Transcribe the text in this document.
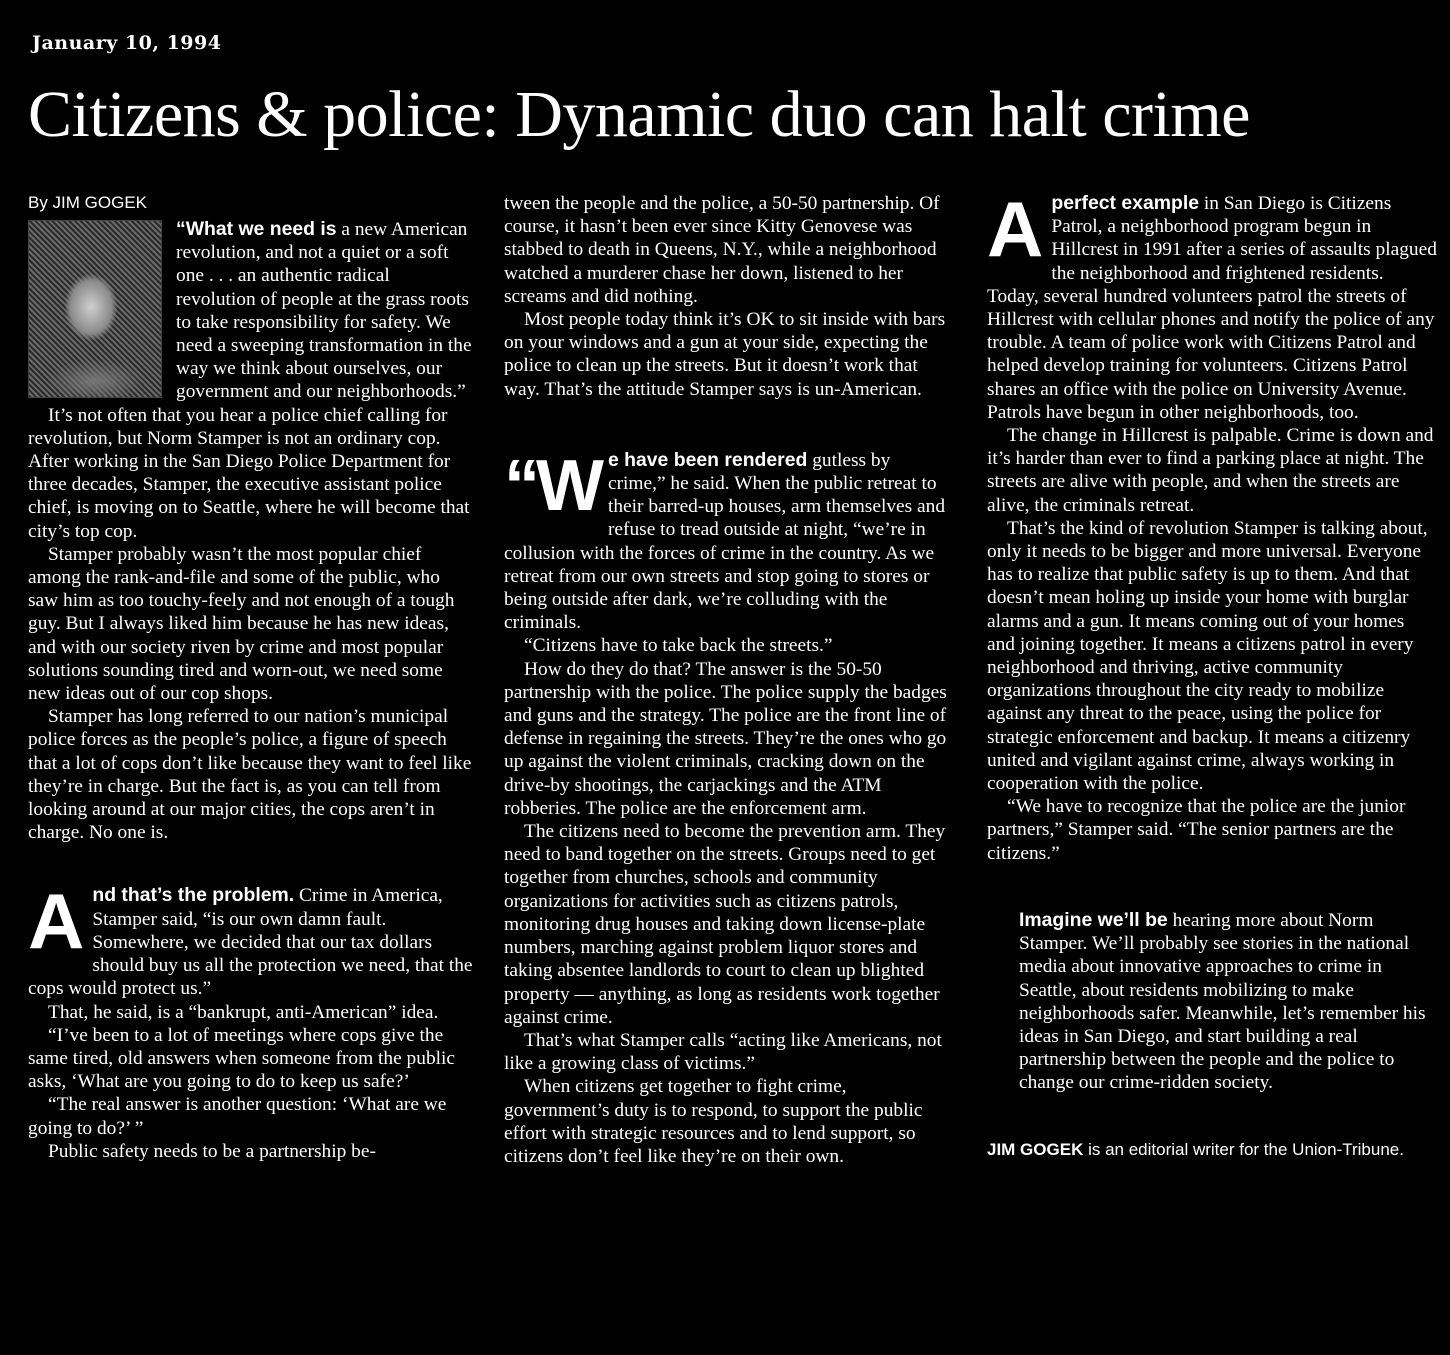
January 10, 1994
Citizens & police: Dynamic duo can halt crime
By JIM GOGEK

“What we need is a new American revolution, and not a quiet or a soft one . . . an authentic radical revolution of people at the grass roots to take responsibility for safety. We need a sweeping transformation in the way we think about ourselves, our government and our neighborhoods.”

It’s not often that you hear a police chief calling for revolution, but Norm Stamper is not an ordinary cop. After working in the San Diego Police Department for three decades, Stamper, the executive assistant police chief, is moving on to Seattle, where he will become that city’s top cop.

Stamper probably wasn’t the most popular chief among the rank-and-file and some of the public, who saw him as too touchy-feely and not enough of a tough guy. But I always liked him because he has new ideas, and with our society riven by crime and most popular solutions sounding tired and worn-out, we need some new ideas out of our cop shops.

Stamper has long referred to our nation’s municipal police forces as the people’s police, a figure of speech that a lot of cops don’t like because they want to feel like they’re in charge. But the fact is, as you can tell from looking around at our major cities, the cops aren’t in charge. No one is.

And that’s the problem. Crime in America, Stamper said, “is our own damn fault. Somewhere, we decided that our tax dollars should buy us all the protection we need, that the cops would protect us.”

That, he said, is a “bankrupt, anti-American” idea.

“I’ve been to a lot of meetings where cops give the same tired, old answers when someone from the public asks, ‘What are you going to do to keep us safe?’

“The real answer is another question: ‘What are we going to do?’ ”

Public safety needs to be a partnership be-

tween the people and the police, a 50-50 partnership. Of course, it hasn’t been ever since Kitty Genovese was stabbed to death in Queens, N.Y., while a neighborhood watched a murderer chase her down, listened to her screams and did nothing.

Most people today think it’s OK to sit inside with bars on your windows and a gun at your side, expecting the police to clean up the streets. But it doesn’t work that way. That’s the attitude Stamper says is un-American.

“We have been rendered gutless by crime,” he said. When the public retreat to their barred-up houses, arm themselves and refuse to tread outside at night, “we’re in collusion with the forces of crime in the country. As we retreat from our own streets and stop going to stores or being outside after dark, we’re colluding with the criminals.

“Citizens have to take back the streets.”

How do they do that? The answer is the 50-50 partnership with the police. The police supply the badges and guns and the strategy. The police are the front line of defense in regaining the streets. They’re the ones who go up against the violent criminals, cracking down on the drive-by shootings, the carjackings and the ATM robberies. The police are the enforcement arm.

The citizens need to become the prevention arm. They need to band together on the streets. Groups need to get together from churches, schools and community organizations for activities such as citizens patrols, monitoring drug houses and taking down license-plate numbers, marching against problem liquor stores and taking absentee landlords to court to clean up blighted property — anything, as long as residents work together against crime.

That’s what Stamper calls “acting like Americans, not like a growing class of victims.”

When citizens get together to fight crime, government’s duty is to respond, to support the public effort with strategic resources and to lend support, so citizens don’t feel like they’re on their own.

Aperfect example in San Diego is Citizens Patrol, a neighborhood program begun in Hillcrest in 1991 after a series of assaults plagued the neighborhood and frightened residents. Today, several hundred volunteers patrol the streets of Hillcrest with cellular phones and notify the police of any trouble. A team of police work with Citizens Patrol and helped develop training for volunteers. Citizens Patrol shares an office with the police on University Avenue. Patrols have begun in other neighborhoods, too.

The change in Hillcrest is palpable. Crime is down and it’s harder than ever to find a parking place at night. The streets are alive with people, and when the streets are alive, the criminals retreat.

That’s the kind of revolution Stamper is talking about, only it needs to be bigger and more universal. Everyone has to realize that public safety is up to them. And that doesn’t mean holing up inside your home with burglar alarms and a gun. It means coming out of your homes and joining together. It means a citizens patrol in every neighborhood and thriving, active community organizations throughout the city ready to mobilize against any threat to the peace, using the police for strategic enforcement and backup. It means a citizenry united and vigilant against crime, always working in cooperation with the police.

“We have to recognize that the police are the junior partners,” Stamper said. “The senior partners are the citizens.”

Imagine we’ll be hearing more about Norm Stamper. We’ll probably see stories in the national media about innovative approaches to crime in Seattle, about residents mobilizing to make neighborhoods safer. Meanwhile, let’s remember his ideas in San Diego, and start building a real partnership between the people and the police to change our crime-ridden society.

JIM GOGEK is an editorial writer for the Union-Tribune.
